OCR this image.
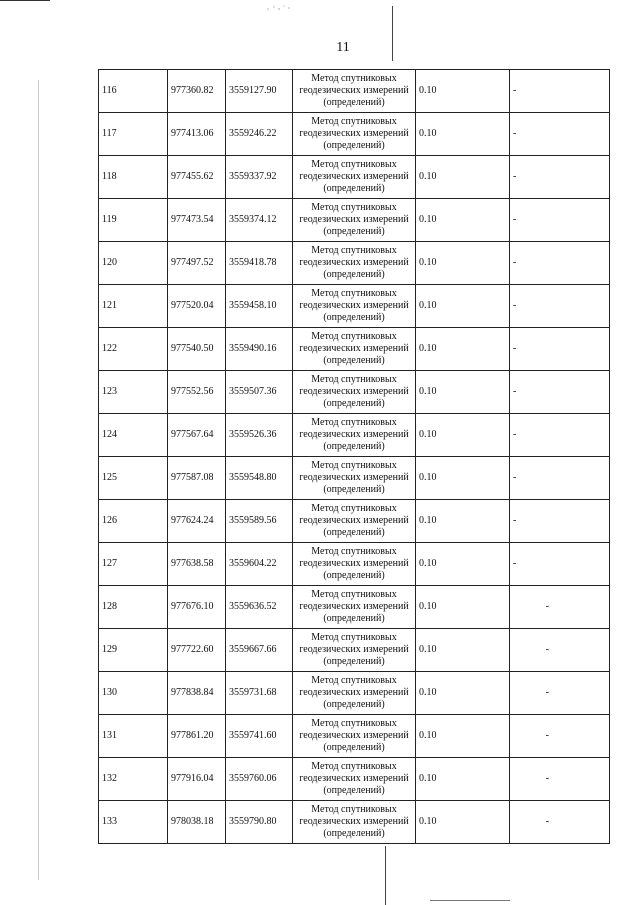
11
116	977360.82	3559127.90	Метод спутниковых
геодезических измерений
(определений)	0.10	-
117	977413.06	3559246.22	Метод спутниковых
геодезических измерений
(определений)	0.10	-
118	977455.62	3559337.92	Метод спутниковых
геодезических измерений
(определений)	0.10	-
119	977473.54	3559374.12	Метод спутниковых
геодезических измерений
(определений)	0.10	-
120	977497.52	3559418.78	Метод спутниковых
геодезических измерений
(определений)	0.10	-
121	977520.04	3559458.10	Метод спутниковых
геодезических измерений
(определений)	0.10	-
122	977540.50	3559490.16	Метод спутниковых
геодезических измерений
(определений)	0.10	-
123	977552.56	3559507.36	Метод спутниковых
геодезических измерений
(определений)	0.10	-
124	977567.64	3559526.36	Метод спутниковых
геодезических измерений
(определений)	0.10	-
125	977587.08	3559548.80	Метод спутниковых
геодезических измерений
(определений)	0.10	-
126	977624.24	3559589.56	Метод спутниковых
геодезических измерений
(определений)	0.10	-
127	977638.58	3559604.22	Метод спутниковых
геодезических измерений
(определений)	0.10	-
128	977676.10	3559636.52	Метод спутниковых
геодезических измерений
(определений)	0.10	-
129	977722.60	3559667.66	Метод спутниковых
геодезических измерений
(определений)	0.10	-
130	977838.84	3559731.68	Метод спутниковых
геодезических измерений
(определений)	0.10	-
131	977861.20	3559741.60	Метод спутниковых
геодезических измерений
(определений)	0.10	-
132	977916.04	3559760.06	Метод спутниковых
геодезических измерений
(определений)	0.10	-
133	978038.18	3559790.80	Метод спутниковых
геодезических измерений
(определений)	0.10	-
